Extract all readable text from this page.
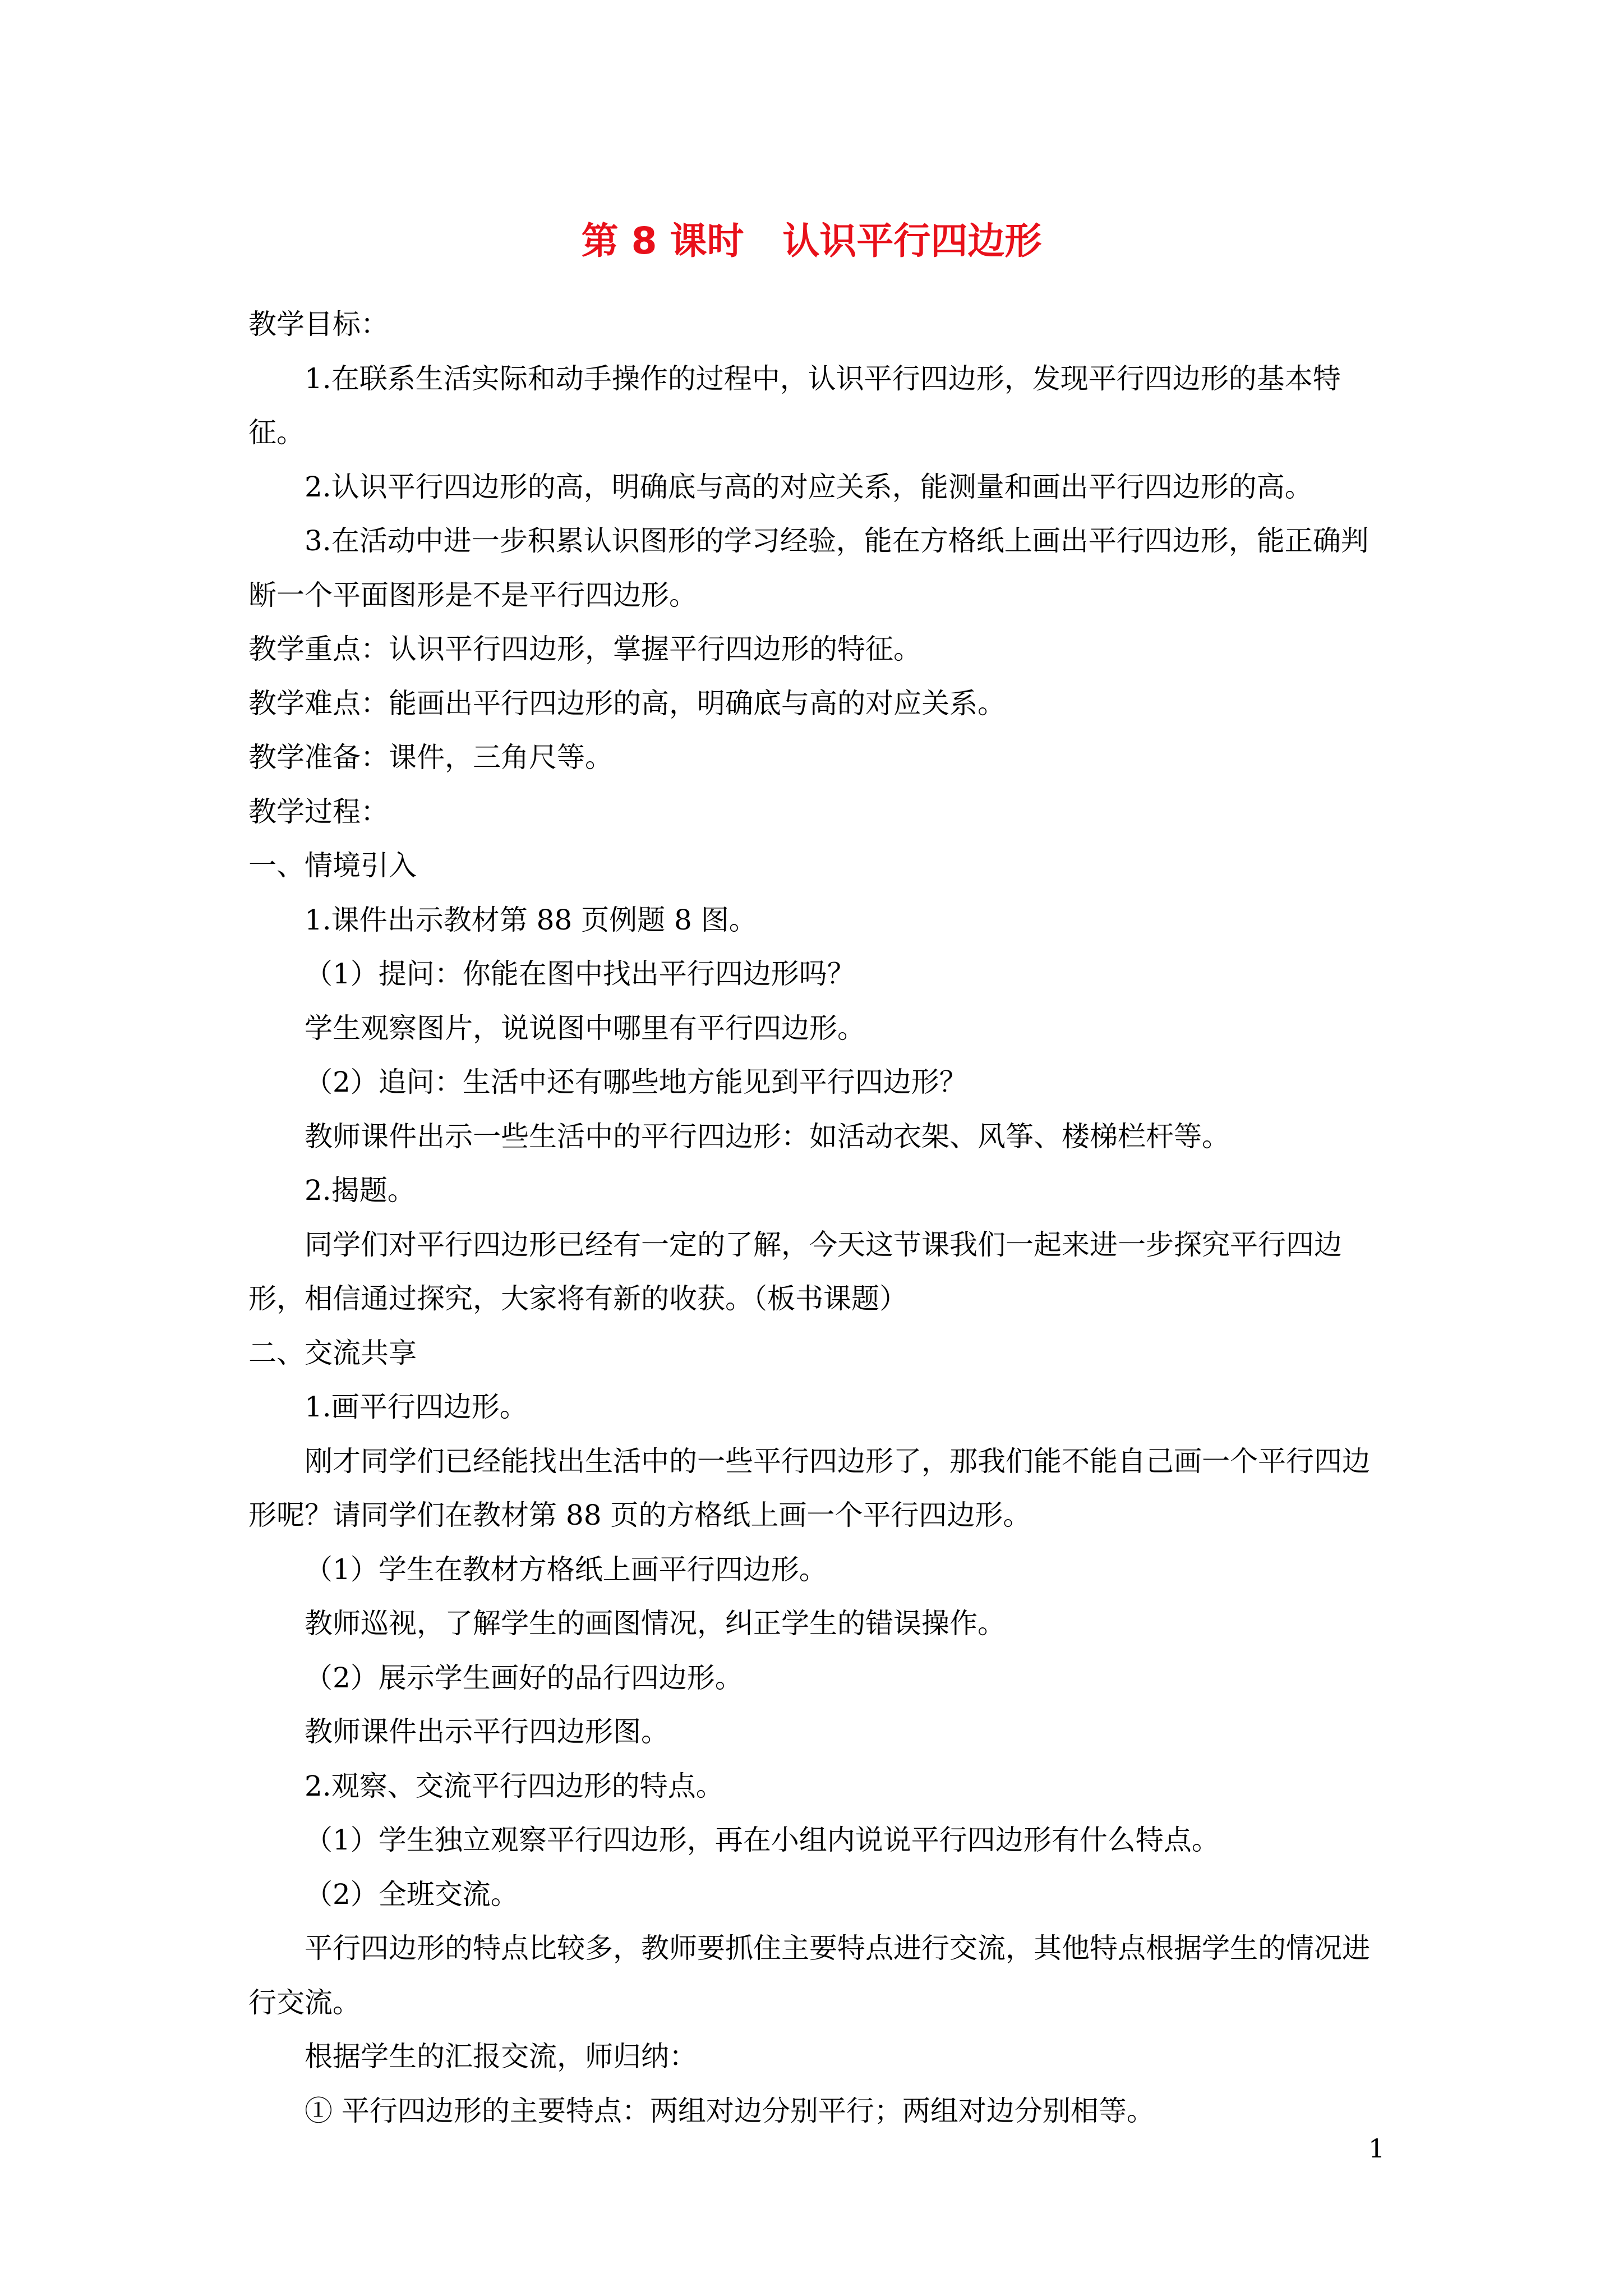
第 8 课时   认识平行四边形

教学目标：

1.在联系生活实际和动手操作的过程中，认识平行四边形，发现平行四边形的基本特征。

2.认识平行四边形的高，明确底与高的对应关系，能测量和画出平行四边形的高。

3.在活动中进一步积累认识图形的学习经验，能在方格纸上画出平行四边形，能正确判断一个平面图形是不是平行四边形。

教学重点：认识平行四边形，掌握平行四边形的特征。

教学难点：能画出平行四边形的高，明确底与高的对应关系。

教学准备：课件，三角尺等。

教学过程：

一、情境引入

1.课件出示教材第 88 页例题 8 图。

（1）提问：你能在图中找出平行四边形吗？

学生观察图片，说说图中哪里有平行四边形。

（2）追问：生活中还有哪些地方能见到平行四边形？

教师课件出示一些生活中的平行四边形：如活动衣架、风筝、楼梯栏杆等。

2.揭题。

同学们对平行四边形已经有一定的了解，今天这节课我们一起来进一步探究平行四边形，相信通过探究，大家将有新的收获。（板书课题）

二、交流共享

1.画平行四边形。

刚才同学们已经能找出生活中的一些平行四边形了，那我们能不能自己画一个平行四边形呢？请同学们在教材第 88 页的方格纸上画一个平行四边形。

（1）学生在教材方格纸上画平行四边形。

教师巡视，了解学生的画图情况，纠正学生的错误操作。

（2）展示学生画好的品行四边形。

教师课件出示平行四边形图。

2.观察、交流平行四边形的特点。

（1）学生独立观察平行四边形，再在小组内说说平行四边形有什么特点。

（2）全班交流。

平行四边形的特点比较多，教师要抓住主要特点进行交流，其他特点根据学生的情况进行交流。

根据学生的汇报交流，师归纳：

① 平行四边形的主要特点：两组对边分别平行；两组对边分别相等。

1
